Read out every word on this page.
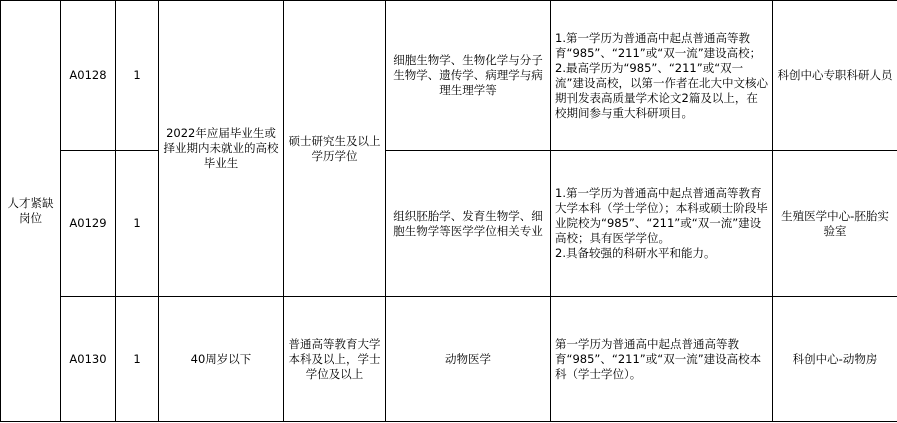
人才紧缺岗位	A0128	1	2022年应届毕业生或择业期内未就业的高校毕业生	硕士研究生及以上学历学位	细胞生物学、生物化学与分子生物学、遗传学、病理学与病理生理学等	1.第一学历为普通高中起点普通高等教育“985”、“211”或“双一流”建设高校；
2.最高学历为“985”、“211”或“双一流”建设高校，以第一作者在北大中文核心期刊发表高质量学术论文2篇及以上，在校期间参与重大科研项目。	科创中心专职科研人员
	A0129	1			组织胚胎学、发育生物学、细胞生物学等医学学位相关专业	1.第一学历为普通高中起点普通高等教育大学本科（学士学位）；本科或硕士阶段毕业院校为“985”、“211”或“双一流”建设高校；具有医学学位。
2.具备较强的科研水平和能力。	生殖医学中心-胚胎实验室
	A0130	1	40周岁以下	普通高等教育大学本科及以上，学士学位及以上	动物医学	第一学历为普通高中起点普通高等教育“985”、“211”或“双一流”建设高校本科（学士学位）。	科创中心-动物房
